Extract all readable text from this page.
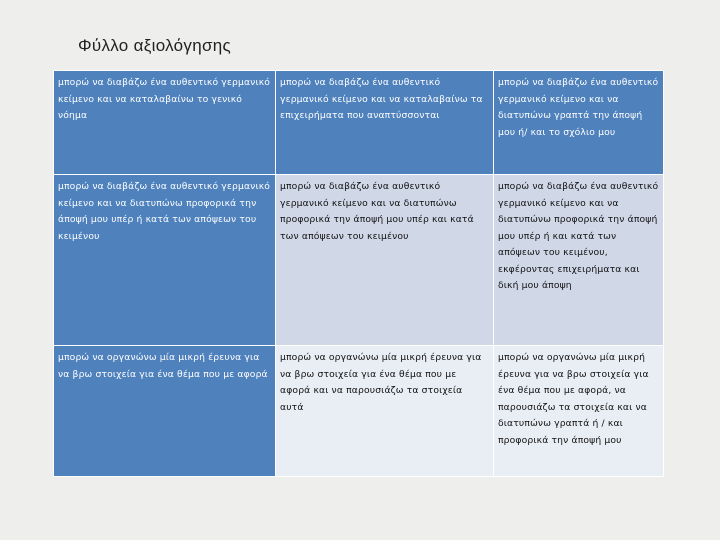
Φύλλο αξιολόγησης
μπορώ να διαβάζω ένα αυθεντικό γερμανικό κείμενο και να καταλαβαίνω το γενικό νόημα	μπορώ να διαβάζω ένα αυθεντικό γερμανικό κείμενο και να καταλαβαίνω τα επιχειρήματα που αναπτύσσονται	μπορώ να διαβάζω ένα αυθεντικό γερμανικό κείμενο και να διατυπώνω γραπτά την άποψή μου ή/ και το σχόλιο μου
μπορώ να διαβάζω ένα αυθεντικό γερμανικό κείμενο και να διατυπώνω προφορικά την άποψή μου υπέρ ή κατά των απόψεων του κειμένου	μπορώ να διαβάζω ένα αυθεντικό γερμανικό κείμενο και να διατυπώνω προφορικά την άποψή μου υπέρ και κατά των απόψεων του κειμένου	μπορώ να διαβάζω ένα αυθεντικό γερμανικό κείμενο και να διατυπώνω προφορικά την άποψή μου υπέρ ή και κατά των απόψεων του κειμένου, εκφέροντας επιχειρήματα και δική μου άποψη
μπορώ να οργανώνω μία μικρή έρευνα για να βρω στοιχεία για ένα θέμα που με αφορά	μπορώ να οργανώνω μία μικρή έρευνα για να βρω στοιχεία για ένα θέμα που με αφορά και να παρουσιάζω τα στοιχεία αυτά	μπορώ να οργανώνω μία μικρή έρευνα για να βρω στοιχεία για ένα θέμα που με αφορά, να παρουσιάζω τα στοιχεία και να διατυπώνω γραπτά ή / και προφορικά την άποψή μου
